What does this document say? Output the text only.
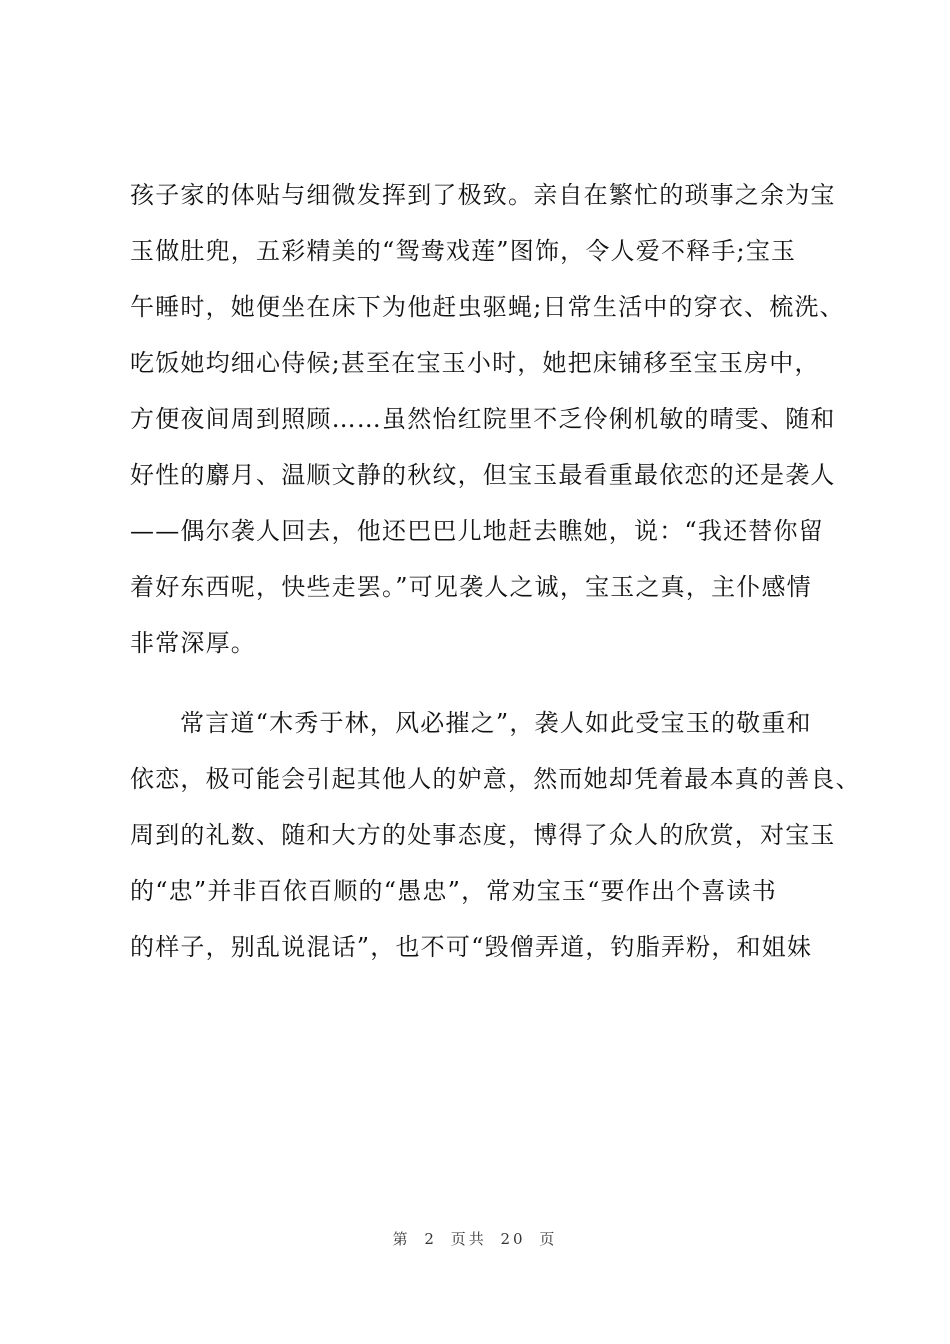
孩子家的体贴与细微发挥到了极致。亲自在繁忙的琐事之余为宝
玉做肚兜，五彩精美的“鸳鸯戏莲”图饰，令人爱不释手;宝玉
午睡时，她便坐在床下为他赶虫驱蝇;日常生活中的穿衣、梳洗、
吃饭她均细心侍候;甚至在宝玉小时，她把床铺移至宝玉房中，
方便夜间周到照顾……虽然怡红院里不乏伶俐机敏的晴雯、随和
好性的麝月、温顺文静的秋纹，但宝玉最看重最依恋的还是袭人
——偶尔袭人回去，他还巴巴儿地赶去瞧她，说：“我还替你留
着好东西呢，快些走罢。”可见袭人之诚，宝玉之真，主仆感情
非常深厚。
常言道“木秀于林，风必摧之”，袭人如此受宝玉的敬重和
依恋，极可能会引起其他人的妒意，然而她却凭着最本真的善良、
周到的礼数、随和大方的处事态度，博得了众人的欣赏，对宝玉
的“忠”并非百依百顺的“愚忠”，常劝宝玉“要作出个喜读书
的样子，别乱说混话”，也不可“毁僧弄道，钓脂弄粉，和姐妹
第 2 页共 20 页
